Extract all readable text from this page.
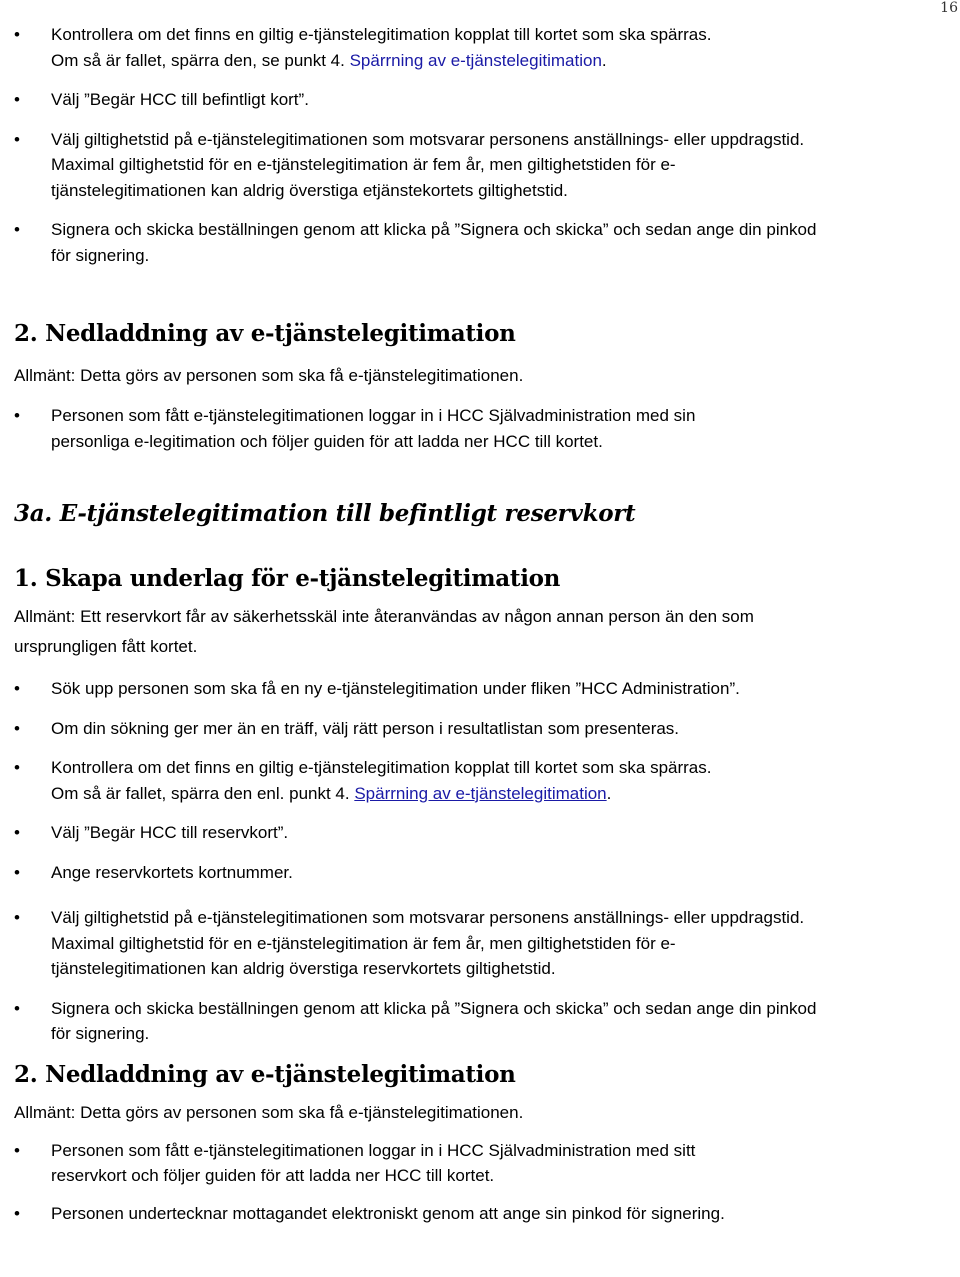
16
• Kontrollera om det finns en giltig e-tjänstelegitimation kopplat till kortet som ska spärras.
Om så är fallet, spärra den, se punkt 4. Spärrning av e-tjänstelegitimation.
• Välj ”Begär HCC till befintligt kort”.
• Välj giltighetstid på e-tjänstelegitimationen som motsvarar personens anställnings- eller uppdragstid.
Maximal giltighetstid för en e-tjänstelegitimation är fem år, men giltighetstiden för e-
tjänstelegitimationen kan aldrig överstiga etjänstekortets giltighetstid.
• Signera och skicka beställningen genom att klicka på ”Signera och skicka” och sedan ange din pinkod
för signering.
2. Nedladdning av e-tjänstelegitimation
Allmänt: Detta görs av personen som ska få e-tjänstelegitimationen.
• Personen som fått e-tjänstelegitimationen loggar in i HCC Självadministration med sin
personliga e-legitimation och följer guiden för att ladda ner HCC till kortet.
3a. E-tjänstelegitimation till befintligt reservkort
1. Skapa underlag för e-tjänstelegitimation
Allmänt: Ett reservkort får av säkerhetsskäl inte återanvändas av någon annan person än den som
ursprungligen fått kortet.
• Sök upp personen som ska få en ny e-tjänstelegitimation under fliken ”HCC Administration”.
• Om din sökning ger mer än en träff, välj rätt person i resultatlistan som presenteras.
• Kontrollera om det finns en giltig e-tjänstelegitimation kopplat till kortet som ska spärras.
Om så är fallet, spärra den enl. punkt 4. Spärrning av e-tjänstelegitimation.
• Välj ”Begär HCC till reservkort”.
• Ange reservkortets kortnummer.
• Välj giltighetstid på e-tjänstelegitimationen som motsvarar personens anställnings- eller uppdragstid.
Maximal giltighetstid för en e-tjänstelegitimation är fem år, men giltighetstiden för e-
tjänstelegitimationen kan aldrig överstiga reservkortets giltighetstid.
• Signera och skicka beställningen genom att klicka på ”Signera och skicka” och sedan ange din pinkod
för signering.
2. Nedladdning av e-tjänstelegitimation
Allmänt: Detta görs av personen som ska få e-tjänstelegitimationen.
• Personen som fått e-tjänstelegitimationen loggar in i HCC Självadministration med sitt
reservkort och följer guiden för att ladda ner HCC till kortet.
• Personen undertecknar mottagandet elektroniskt genom att ange sin pinkod för signering.
